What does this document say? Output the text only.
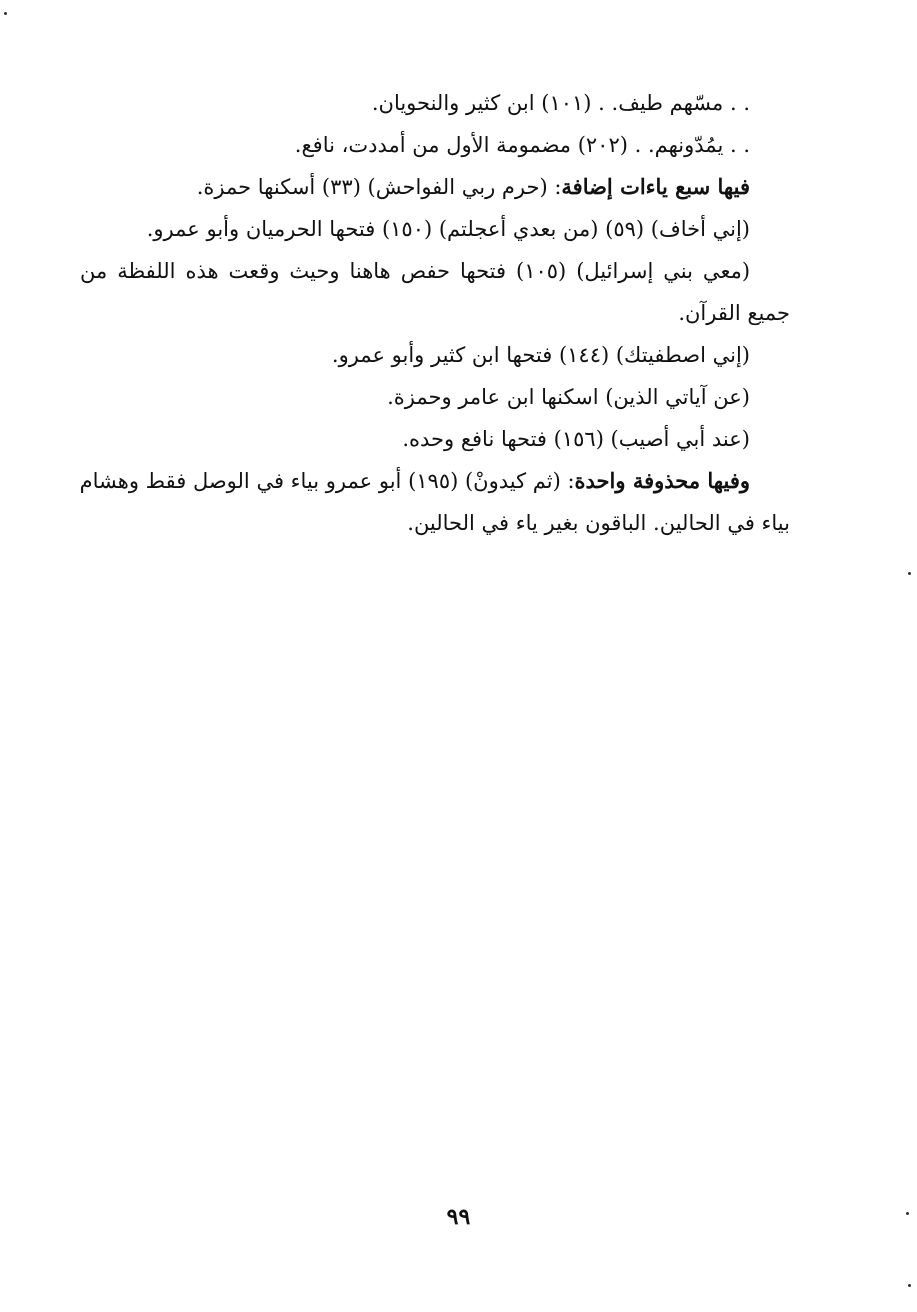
. . مسّهم طيف. . (١٠١) ابن كثير والنحويان.
. . يمُدّونهم. . (٢٠٢) مضمومة الأول من أمددت، نافع.
فيها سبع ياءات إضافة: (حرم ربي الفواحش) (٣٣) أسكنها حمزة.
(إني أخاف) (٥٩) (من بعدي أعجلتم) (١٥٠) فتحها الحرميان وأبو عمرو.
(معي بني إسرائيل) (١٠٥) فتحها حفص هاهنا وحيث وقعت هذه اللفظة من
جميع القرآن.
(إني اصطفيتك) (١٤٤) فتحها ابن كثير وأبو عمرو.
(عن آياتي الذين) اسكنها ابن عامر وحمزة.
(عند أبي أصيب) (١٥٦) فتحها نافع وحده.
وفيها محذوفة واحدة: (ثم كيدونْ) (١٩٥) أبو عمرو بياء في الوصل فقط وهشام
بياء في الحالين. الباقون بغير ياء في الحالين.
٩٩
